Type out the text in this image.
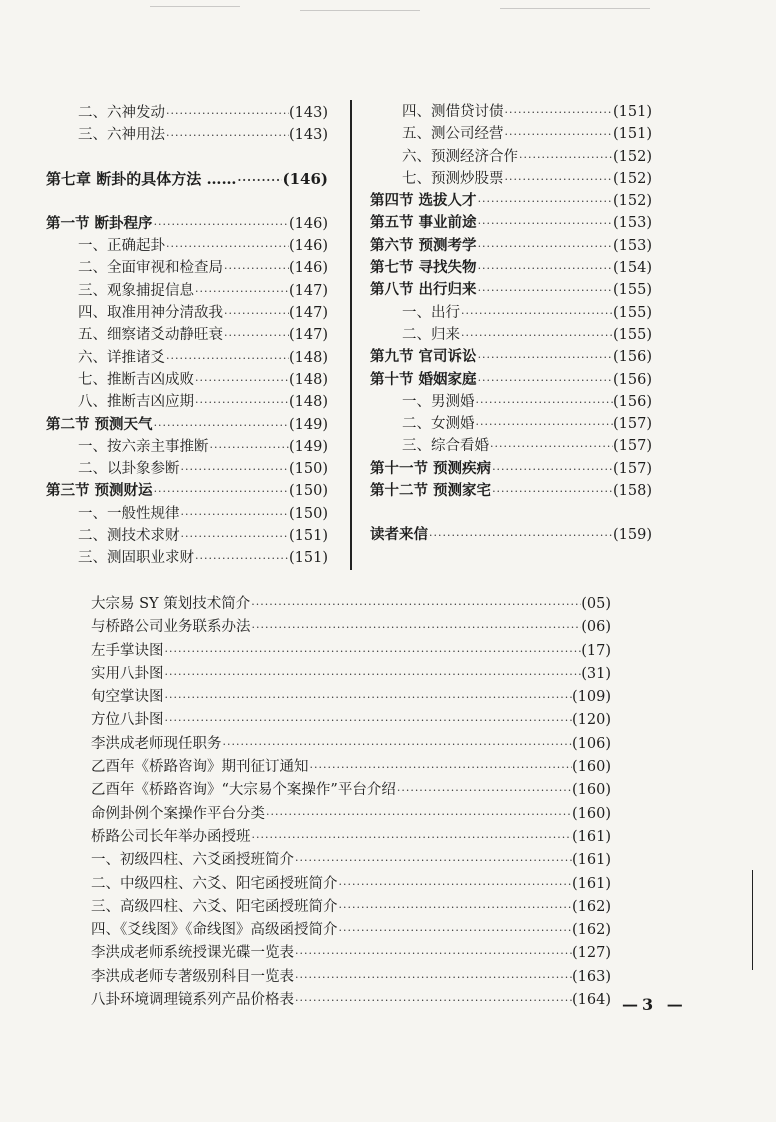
二、六神发动 ·····	(143)
三、六神用法 ·····	(143)
第七章 断卦的具体方法 …… ·····	(146)
第一节 断卦程序 ·····	(146)
一、正确起卦 ·····	(146)
二、全面审视和检查局 ·····	(146)
三、观象捕捉信息 ·····	(147)
四、取准用神分清敌我 ·····	(147)
五、细察诸爻动静旺衰 ·····	(147)
六、详推诸爻 ·····	(148)
七、推断吉凶成败 ·····	(148)
八、推断吉凶应期 ·····	(148)
第二节 预测天气 ·····	(149)
一、按六亲主事推断 ·····	(149)
二、以卦象参断 ·····	(150)
第三节 预测财运 ·····	(150)
一、一般性规律 ·····	(150)
二、测技术求财 ·····	(151)
三、测固职业求财 ·····	(151)
四、测借贷讨债 ·····	(151)
五、测公司经营 ·····	(151)
六、预测经济合作 ·····	(152)
七、预测炒股票 ·····	(152)
第四节 选拔人才 ·····	(152)
第五节 事业前途 ·····	(153)
第六节 预测考学 ·····	(153)
第七节 寻找失物 ·····	(154)
第八节 出行归来 ·····	(155)
一、出行 ·····	(155)
二、归来 ·····	(155)
第九节 官司诉讼 ·····	(156)
第十节 婚姻家庭 ·····	(156)
一、男测婚 ·····	(156)
二、女测婚 ·····	(157)
三、综合看婚 ·····	(157)
第十一节 预测疾病 ·····	(157)
第十二节 预测家宅 ·····	(158)
读者来信 ·····	(159)
大宗易 SY 策划技术简介 ·····	(05)
与桥路公司业务联系办法 ·····	(06)
左手掌诀图 ·····	(17)
实用八卦图 ·····	(31)
旬空掌诀图 ·····	(109)
方位八卦图 ·····	(120)
李洪成老师现任职务 ·····	(106)
乙酉年《桥路咨询》期刊征订通知 ·····	(160)
乙酉年《桥路咨询》“大宗易个案操作”平台介绍 ·····	(160)
命例卦例个案操作平台分类 ·····	(160)
桥路公司长年举办函授班 ·····	(161)
一、初级四柱、六爻函授班简介 ·····	(161)
二、中级四柱、六爻、阳宅函授班简介 ·····	(161)
三、高级四柱、六爻、阳宅函授班简介 ·····	(162)
四、《爻线图》《命线图》高级函授简介 ·····	(162)
李洪成老师系统授课光碟一览表 ·····	(127)
李洪成老师专著级别科目一览表 ·····	(163)
八卦环境调理镜系列产品价格表 ·····	(164) —3 —
